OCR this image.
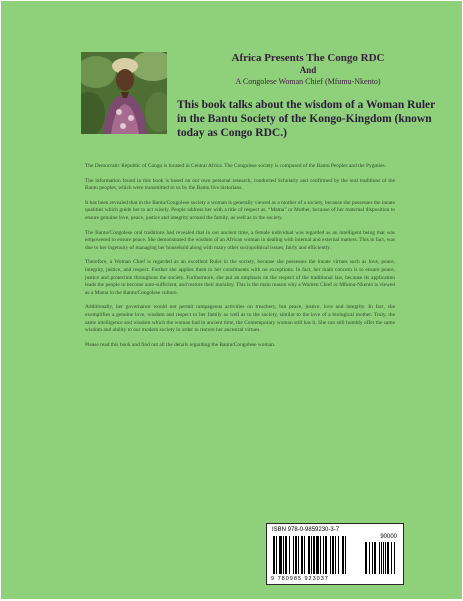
Africa Presents The Congo RDC

And

A Congolese Woman Chief (Mfumu-Nkento)

This book talks about the wisdom of a Woman Ruler in the Bantu Society of the Kongo-Kingdom (known today as Congo RDC.)

The Democratic Republic of Congo is located in Central Africa. The Congolese society is composed of the Bantu Peoples and the Pygmies.

The information found in this book is based on our own personal research, conducted Scholarly and confirmed by the oral traditions of the Bantu peoples, which were transmitted to us by the Bantu live historians.

It has been revealed that in the Bantu/Congolese society a woman is generally viewed as a mother of a society, because she possesses the innate qualities which guide her to act wisely. People address her with a title of respect as, “Mama” or Mother, because of her maternal disposition to ensure genuine love, peace, justice and integrity around the family, as well as in the society.

The Bantu/Congolese oral traditions had revealed that in our ancient time, a female individual was regarded as an intelligent being that was empowered to ensure peace. She demonstrated the wisdom of an African woman in dealing with internal and external matters. This in fact, was due to her ingenuity of managing her household along with many other sociopolitical issues, fairly and efficiently.

Therefore, a Woman Chief is regarded as an excellent Ruler in the society, because she possesses the innate virtues such as love, peace, integrity, justice, and respect. Further she applies them to her constituents with no exceptions. In fact, her main concern is to ensure peace, justice and protection throughout the society. Furthermore, she put an emphasis on the respect of the traditional law, because its application leads the people to become auto-sufficient, and restore their morality. This is the main reason why a Women Chief or Mfumu-Nkento is viewed as a Mama in the Bantu/Congolese culture.

Additionally, her governance would not permit rampageous activities on treachery, but peace, justice, love and integrity. In fact, she exemplifies a genuine love, wisdom and respect to her family as well as to the society, similar to the love of a biological mother. Truly, the same intelligence and wisdom which the woman had in ancient time, the Contemporary woman still has it. She can still humbly offer the same wisdom and ability to our modern society in order to restore her ancestral virtues.

Please read this book and find out all the details regarding the Bantu/Congolese woman.

ISBN 978-0-9859230-3-7
90000
9 780985 923037
